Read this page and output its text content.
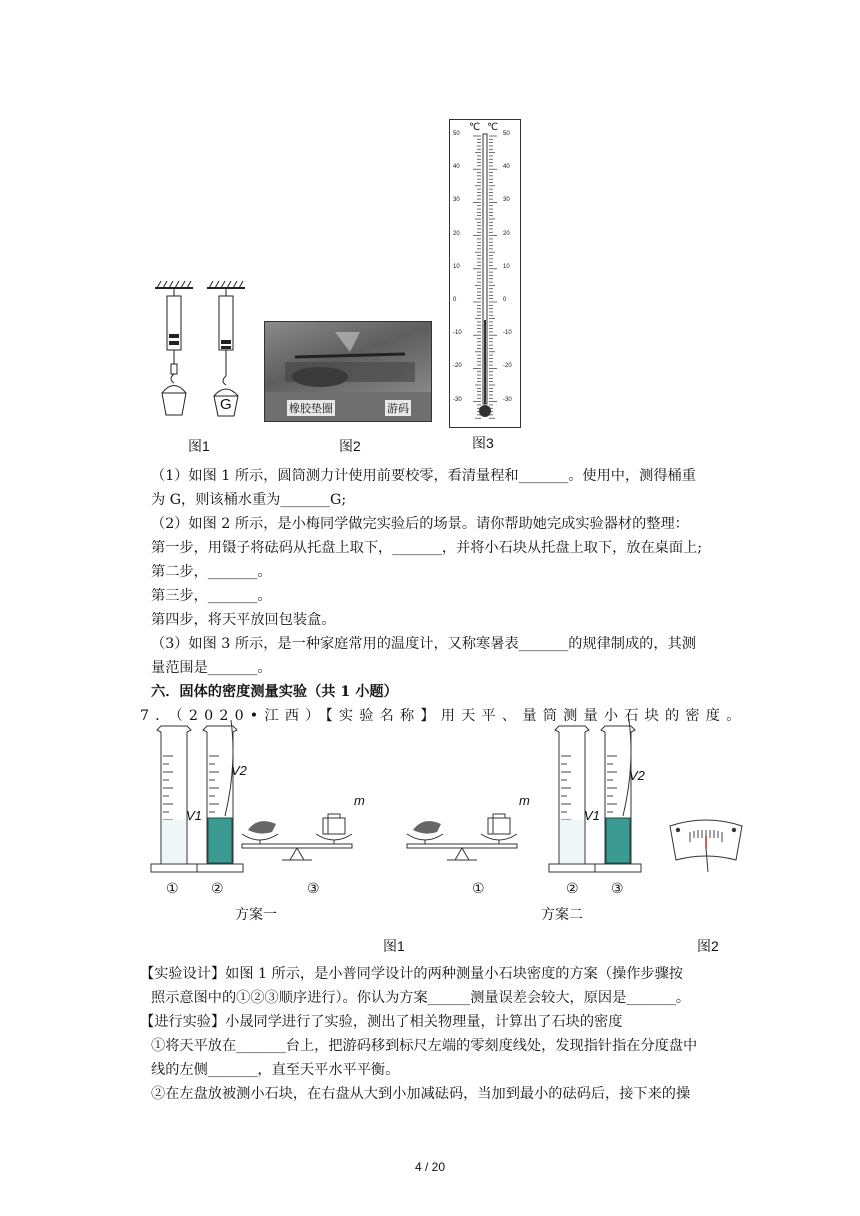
G	橡胶垫圈	游码
℃ ℃
50	50
40	40
30	30
20	20
10	10
0	0
-10	-10
-20	-20
-30	-30
图1	图2	图3
（1）如图 1 所示，圆筒测力计使用前要校零，看清量程和_______。使用中，测得桶重
为 G，则该桶水重为_______G;
（2）如图 2 所示，是小梅同学做完实验后的场景。请你帮助她完成实验器材的整理：
第一步，用镊子将砝码从托盘上取下，_______，并将小石块从托盘上取下，放在桌面上;
第二步，_______。
第三步，_______。
第四步，将天平放回包装盒。
（3）如图 3 所示，是一种家庭常用的温度计，又称寒暑表_______的规律制成的，其测
量范围是_______。
六．固体的密度测量实验（共 1 小题）
7．（2020•江西）【实验名称】用天平、量筒测量小石块的密度。
V1
V2
m	m
V1
V2
① ②	③	①	② ③
方案一	方案二
图1	图2
【实验设计】如图 1 所示，是小普同学设计的两种测量小石块密度的方案（操作步骤按
照示意图中的①②③顺序进行）。你认为方案______测量误差会较大，原因是_______。
【进行实验】小晟同学进行了实验，测出了相关物理量，计算出了石块的密度
①将天平放在_______台上，把游码移到标尺左端的零刻度线处，发现指针指在分度盘中
线的左侧_______，直至天平水平平衡。
②在左盘放被测小石块，在右盘从大到小加减砝码，当加到最小的砝码后，接下来的操
4 / 20
